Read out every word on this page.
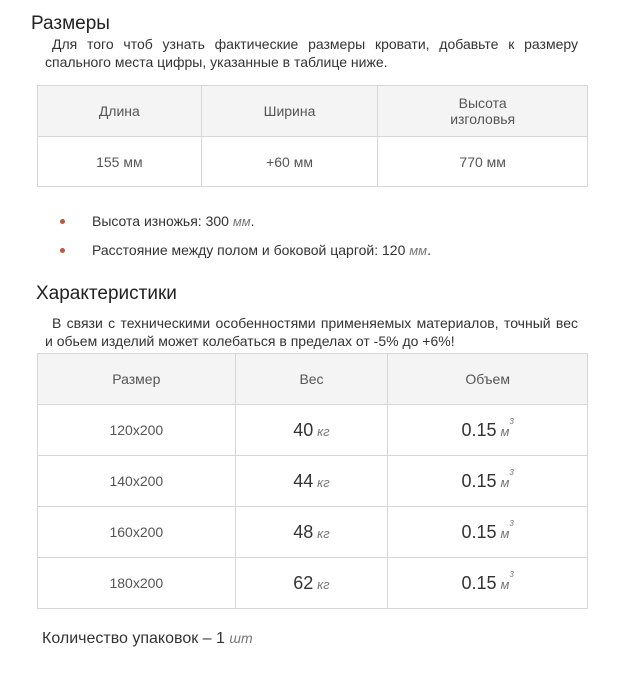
Размеры

Для того чтоб узнать фактические размеры кровати, добавьте к размеру спального места цифры, указанные в таблице ниже.

Длина	Ширина	Высота
изголовья
155 мм	+60 мм	770 мм
Высота изножья: 300 мм.
Расстояние между полом и боковой царгой: 120 мм.
Характеристики

В связи с техническими особенностями применяемых материалов, точный вес и обьем изделий может колебаться в пределах от -5% до +6%!

Размер	Вес	Объем
120x200	40 кг	0.15 $м^3$
140x200	44 кг	0.15 $м^3$
160x200	48 кг	0.15 $м^3$
180x200	62 кг	0.15 $м^3$
Количество упаковок – 1 шт
